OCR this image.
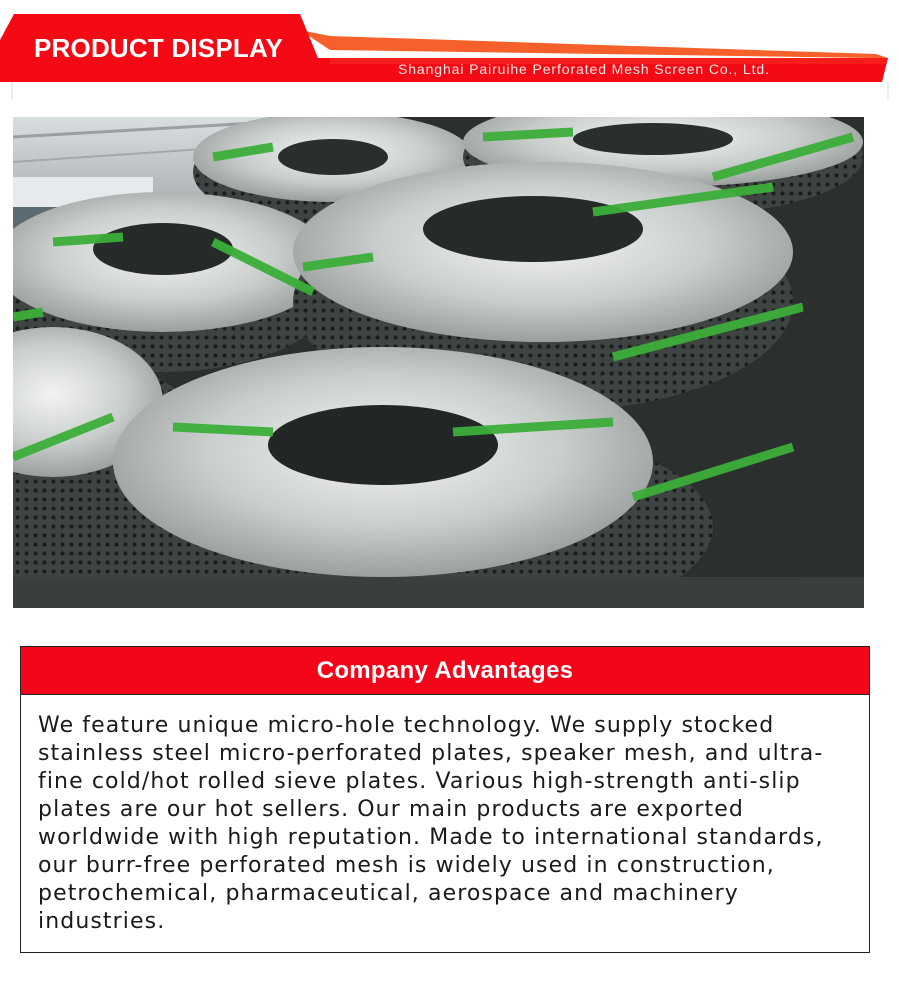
PRODUCT DISPLAY
Shanghai Pairuihe Perforated Mesh Screen Co., Ltd.
Company Advantages

We feature unique micro-hole technology. We supply stocked stainless steel micro-perforated plates, speaker mesh, and ultra-fine cold/hot rolled sieve plates. Various high-strength anti-slip plates are our hot sellers. Our main products are exported worldwide with high reputation. Made to international standards, our burr-free perforated mesh is widely used in construction, petrochemical, pharmaceutical, aerospace and machinery industries.
